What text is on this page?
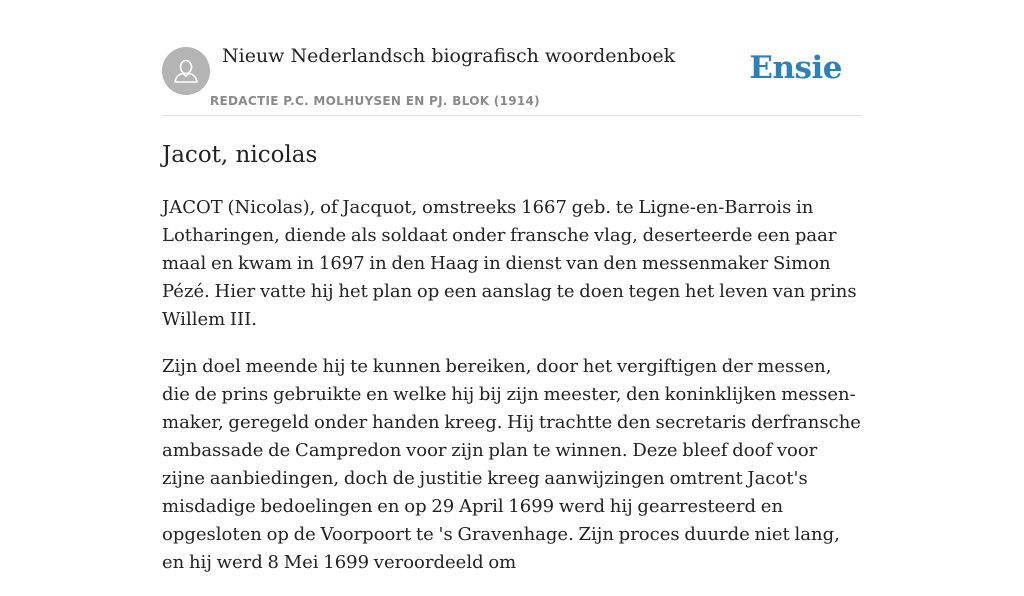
Nieuw Nederlandsch biografisch woordenboek
REDACTIE P.C. MOLHUYSEN EN PJ. BLOK (1914)
Ensie
Jacot, nicolas

JACOT (Nicolas), of Jacquot, omstreeks 1667 geb. te Ligne-en-Barrois in Lotharingen, diende als soldaat onder fransche vlag, deserteerde een paar maal en kwam in 1697 in den Haag in dienst van den messenmaker Simon Pézé. Hier vatte hij het plan op een aanslag te doen tegen het leven van prins Willem III.

Zijn doel meende hij te kunnen bereiken, door het vergiftigen der messen, die de prins gebruikte en welke hij bij zijn meester, den koninklijken messen- maker, geregeld onder handen kreeg. Hij trachtte den secretaris derfransche ambassade de Campredon voor zijn plan te winnen. Deze bleef doof voor zijne aanbiedingen, doch de justitie kreeg aanwijzingen omtrent Jacot's misdadige bedoelingen en op 29 April 1699 werd hij gearresteerd en opgesloten op de Voorpoort te 's Gravenhage. Zijn proces duurde niet lang, en hij werd 8 Mei 1699 veroordeeld om
